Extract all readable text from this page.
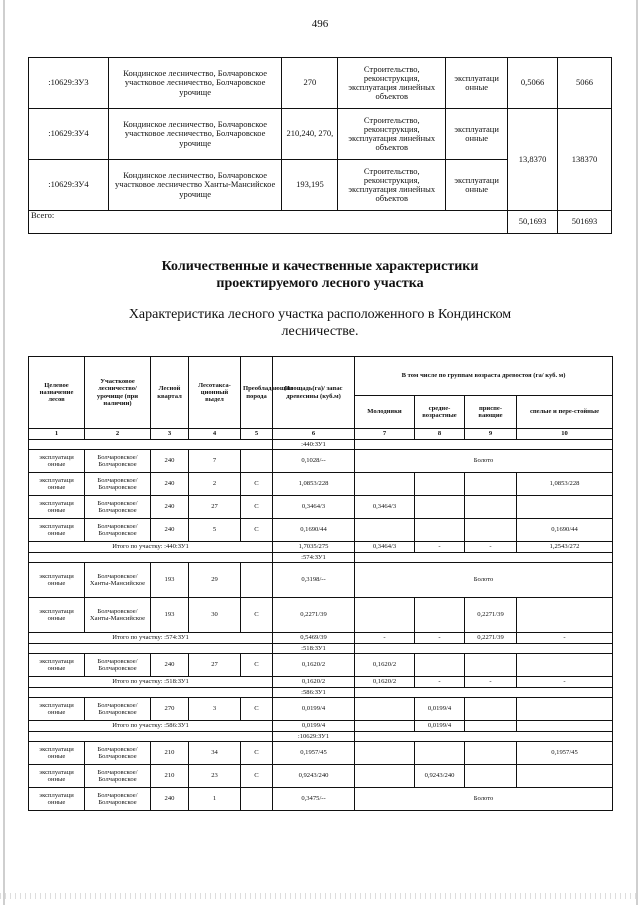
496
:10629:ЗУ3	Кондинское лесничество, Болчаровское участковое лесничество, Болчаровское урочище	270	Строительство, реконструкция, эксплуатация линейных объектов	эксплуатаци онные	0,5066	5066
:10629:ЗУ4	Кондинское лесничество, Болчаровское участковое лесничество, Болчаровское урочище	210,240, 270,	Строительство, реконструкция, эксплуатация линейных объектов	эксплуатаци онные	13,8370	138370
:10629:ЗУ4	Кондинское лесничество, Болчаровское участковое лесничество Ханты-Мансийское урочище	193,195	Строительство, реконструкция, эксплуатация линейных объектов	эксплуатаци онные		
Всего:					50,1693	501693
Количественные и качественные характеристики
проектируемого лесного участка
Характеристика лесного участка расположенного в Кондинском
лесничестве.
Целевое назначение лесов	Участковое лесничество/урочище (при наличии)	Лесной квартал	Лесотакса-ционный выдел	Преобладающая порода	Площадь(га)/ запас древесины (куб.м)	В том числе по группам возраста древостоя (га/ куб. м)			
						Молодняки	средне-возрастные	приспе-вающие	спелые и пере-стойные
1	2	3	4	5	6	7	8	9	10
					:440:ЗУ1				
эксплуатаци онные	Болчаровское/ Болчаровское	240	7		0,1028/--	Болото			
эксплуатаци онные	Болчаровское/ Болчаровское	240	2	С	1,0853/228				1,0853/228
эксплуатаци онные	Болчаровское/ Болчаровское	240	27	С	0,3464/3	0,3464/3			
эксплуатаци онные	Болчаровское/ Болчаровское	240	5	С	0,1690/44				0,1690/44
Итого по участку: :440:ЗУ1					1,7035/275	0,3464/3	-	-	1,2543/272
					:574:ЗУ1				
эксплуатаци онные	Болчаровское/ Ханты-Мансийское	193	29		0,3198/--	Болото			
эксплуатаци онные	Болчаровское/ Ханты-Мансийское	193	30	С	0,2271/39			0,2271/39	
Итого по участку: :574:ЗУ1					0,5469/39	-	-	0,2271/39	-
					:518:ЗУ1				
эксплуатаци онные	Болчаровское/ Болчаровское	240	27	С	0,1620/2	0,1620/2			
Итого по участку: :518:ЗУ1					0,1620/2	0,1620/2	-	-	-
					:586:ЗУ1				
эксплуатаци онные	Болчаровское/ Болчаровское	270	3	С	0,0199/4		0,0199/4		
Итого по участку: :586:ЗУ1					0,0199/4		0,0199/4		
					:10629:ЗУ1				
эксплуатаци онные	Болчаровское/ Болчаровское	210	34	С	0,1957/45				0,1957/45
эксплуатаци онные	Болчаровское/ Болчаровское	210	23	С	0,9243/240		0,9243/240		
эксплуатаци онные	Болчаровское/ Болчаровское	240	1		0,3475/--	Болото			
